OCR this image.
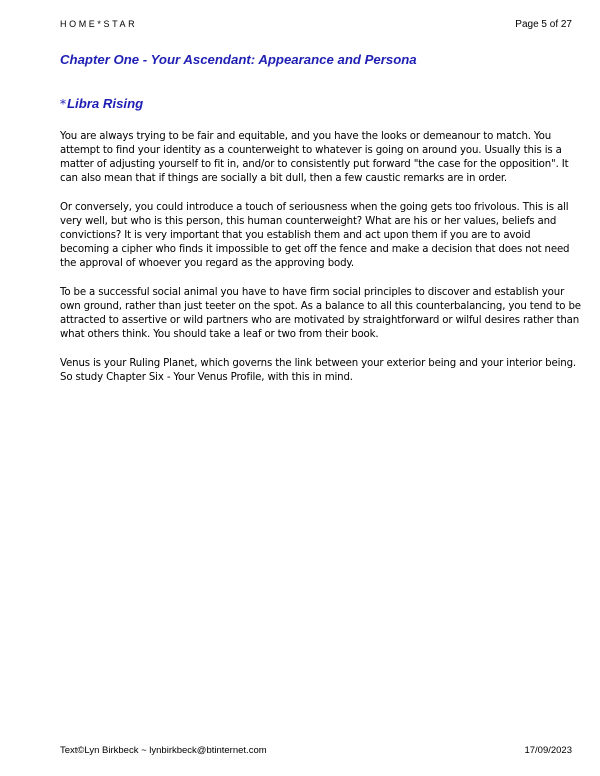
HOME*STAR	Page 5 of 27
Chapter One - Your Ascendant: Appearance and Persona
*Libra Rising

You are always trying to be fair and equitable, and you have the looks or demeanour to match. You attempt to find your identity as a counterweight to whatever is going on around you. Usually this is a matter of adjusting yourself to fit in, and/or to consistently put forward "the case for the opposition". It can also mean that if things are socially a bit dull, then a few caustic remarks are in order.

Or conversely, you could introduce a touch of seriousness when the going gets too frivolous. This is all very well, but who is this person, this human counterweight? What are his or her values, beliefs and convictions? It is very important that you establish them and act upon them if you are to avoid becoming a cipher who finds it impossible to get off the fence and make a decision that does not need the approval of whoever you regard as the approving body.

To be a successful social animal you have to have firm social principles to discover and establish your own ground, rather than just teeter on the spot. As a balance to all this counterbalancing, you tend to be attracted to assertive or wild partners who are motivated by straightforward or wilful desires rather than what others think. You should take a leaf or two from their book.

Venus is your Ruling Planet, which governs the link between your exterior being and your interior being. So study Chapter Six - Your Venus Profile, with this in mind.

Text©Lyn Birkbeck ~ lynbirkbeck@btinternet.com	17/09/2023
